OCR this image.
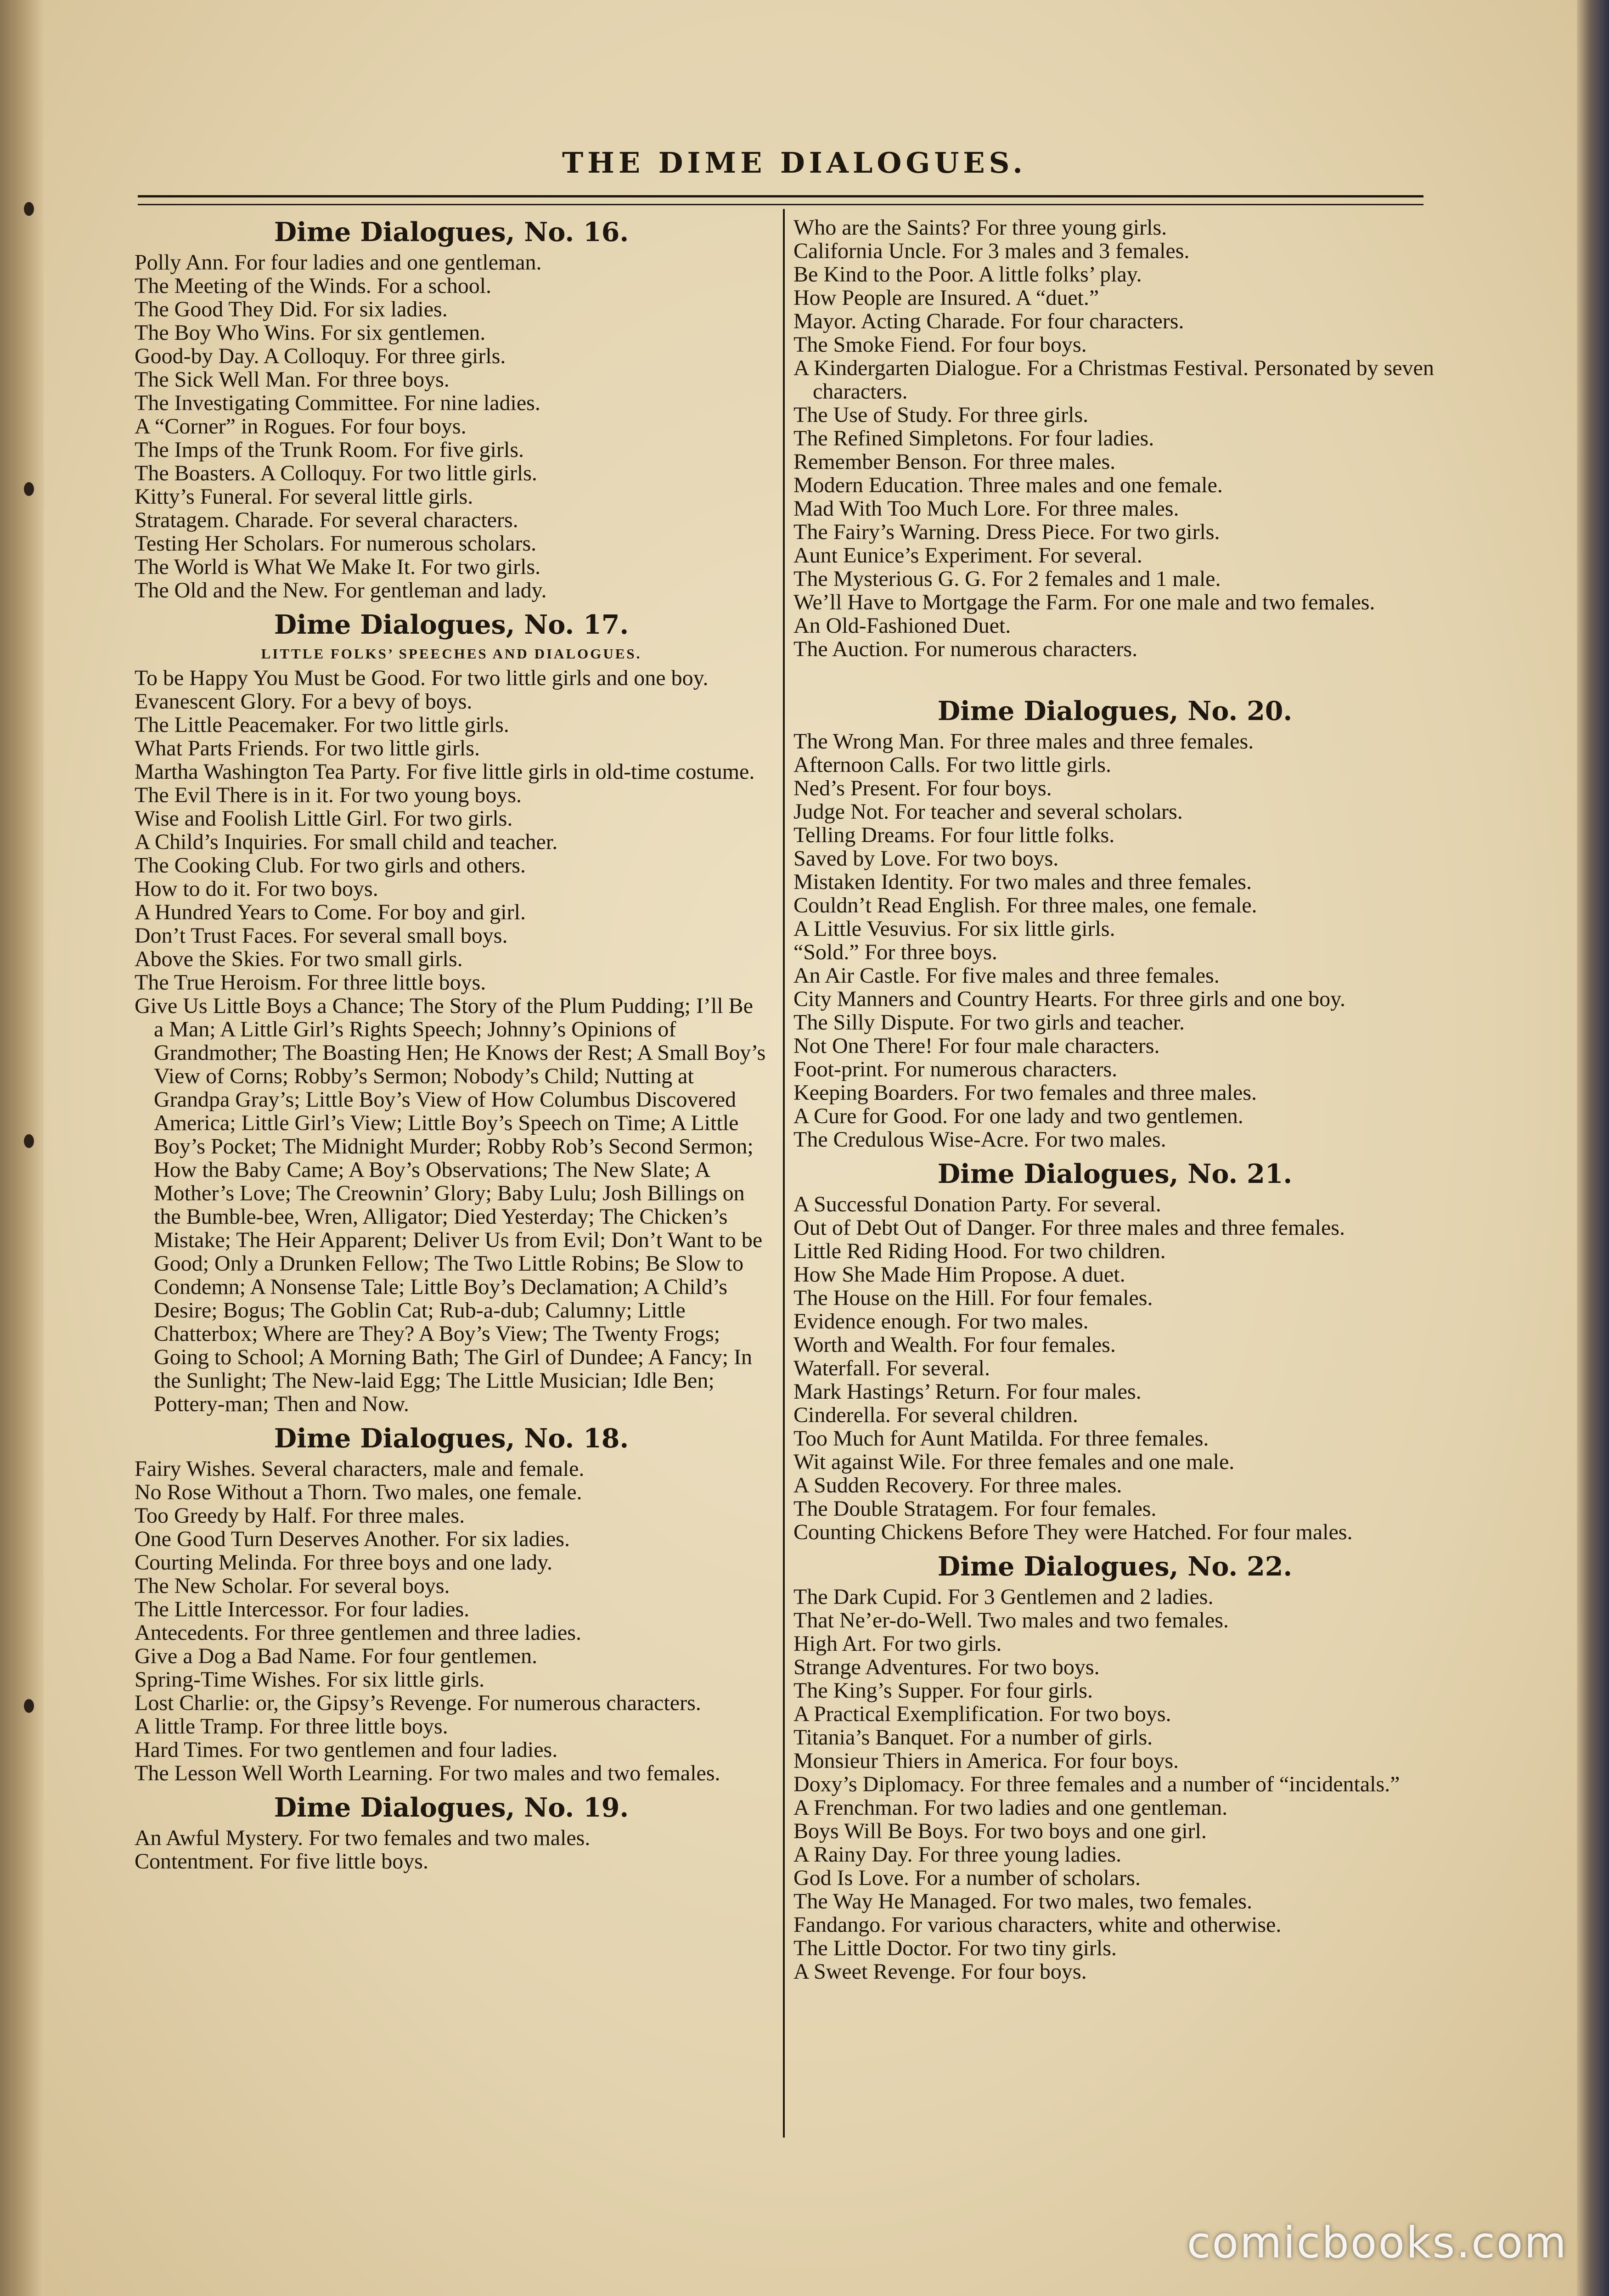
THE DIME DIALOGUES.
Dime Dialogues, No. 16.
Polly Ann. For four ladies and one gentleman.
The Meeting of the Winds. For a school.
The Good They Did. For six ladies.
The Boy Who Wins. For six gentlemen.
Good-by Day. A Colloquy. For three girls.
The Sick Well Man. For three boys.
The Investigating Committee. For nine ladies.
A “Corner” in Rogues. For four boys.
The Imps of the Trunk Room. For five girls.
The Boasters. A Colloquy. For two little girls.
Kitty’s Funeral. For several little girls.
Stratagem. Charade. For several characters.
Testing Her Scholars. For numerous scholars.
The World is What We Make It. For two girls.
The Old and the New. For gentleman and lady.
Dime Dialogues, No. 17.
LITTLE FOLKS’ SPEECHES AND DIALOGUES.
To be Happy You Must be Good. For two little girls and one boy.
Evanescent Glory. For a bevy of boys.
The Little Peacemaker. For two little girls.
What Parts Friends. For two little girls.
Martha Washington Tea Party. For five little girls in old-time costume.
The Evil There is in it. For two young boys.
Wise and Foolish Little Girl. For two girls.
A Child’s Inquiries. For small child and teacher.
The Cooking Club. For two girls and others.
How to do it. For two boys.
A Hundred Years to Come. For boy and girl.
Don’t Trust Faces. For several small boys.
Above the Skies. For two small girls.
The True Heroism. For three little boys.
Give Us Little Boys a Chance; The Story of the Plum Pudding; I’ll Be a Man; A Little Girl’s Rights Speech; Johnny’s Opinions of Grandmother; The Boasting Hen; He Knows der Rest; A Small Boy’s View of Corns; Robby’s Sermon; Nobody’s Child; Nutting at Grandpa Gray’s; Little Boy’s View of How Columbus Discovered America; Little Girl’s View; Little Boy’s Speech on Time; A Little Boy’s Pocket; The Midnight Murder; Robby Rob’s Second Sermon; How the Baby Came; A Boy’s Observations; The New Slate; A Mother’s Love; The Creownin’ Glory; Baby Lulu; Josh Billings on the Bumble-bee, Wren, Alligator; Died Yesterday; The Chicken’s Mistake; The Heir Apparent; Deliver Us from Evil; Don’t Want to be Good; Only a Drunken Fellow; The Two Little Robins; Be Slow to Condemn; A Nonsense Tale; Little Boy’s Declamation; A Child’s Desire; Bogus; The Goblin Cat; Rub-a-dub; Calumny; Little Chatterbox; Where are They? A Boy’s View; The Twenty Frogs; Going to School; A Morning Bath; The Girl of Dundee; A Fancy; In the Sunlight; The New-laid Egg; The Little Musician; Idle Ben; Pottery-man; Then and Now.
Dime Dialogues, No. 18.
Fairy Wishes. Several characters, male and female.
No Rose Without a Thorn. Two males, one female.
Too Greedy by Half. For three males.
One Good Turn Deserves Another. For six ladies.
Courting Melinda. For three boys and one lady.
The New Scholar. For several boys.
The Little Intercessor. For four ladies.
Antecedents. For three gentlemen and three ladies.
Give a Dog a Bad Name. For four gentlemen.
Spring-Time Wishes. For six little girls.
Lost Charlie: or, the Gipsy’s Revenge. For numerous characters.
A little Tramp. For three little boys.
Hard Times. For two gentlemen and four ladies.
The Lesson Well Worth Learning. For two males and two females.
Dime Dialogues, No. 19.
An Awful Mystery. For two females and two males.
Contentment. For five little boys.
Who are the Saints? For three young girls.
California Uncle. For 3 males and 3 females.
Be Kind to the Poor. A little folks’ play.
How People are Insured. A “duet.”
Mayor. Acting Charade. For four characters.
The Smoke Fiend. For four boys.
A Kindergarten Dialogue. For a Christmas Festival. Personated by seven characters.
The Use of Study. For three girls.
The Refined Simpletons. For four ladies.
Remember Benson. For three males.
Modern Education. Three males and one female.
Mad With Too Much Lore. For three males.
The Fairy’s Warning. Dress Piece. For two girls.
Aunt Eunice’s Experiment. For several.
The Mysterious G. G. For 2 females and 1 male.
We’ll Have to Mortgage the Farm. For one male and two females.
An Old-Fashioned Duet.
The Auction. For numerous characters.
Dime Dialogues, No. 20.
The Wrong Man. For three males and three females.
Afternoon Calls. For two little girls.
Ned’s Present. For four boys.
Judge Not. For teacher and several scholars.
Telling Dreams. For four little folks.
Saved by Love. For two boys.
Mistaken Identity. For two males and three females.
Couldn’t Read English. For three males, one female.
A Little Vesuvius. For six little girls.
“Sold.” For three boys.
An Air Castle. For five males and three females.
City Manners and Country Hearts. For three girls and one boy.
The Silly Dispute. For two girls and teacher.
Not One There! For four male characters.
Foot-print. For numerous characters.
Keeping Boarders. For two females and three males.
A Cure for Good. For one lady and two gentlemen.
The Credulous Wise-Acre. For two males.
Dime Dialogues, No. 21.
A Successful Donation Party. For several.
Out of Debt Out of Danger. For three males and three females.
Little Red Riding Hood. For two children.
How She Made Him Propose. A duet.
The House on the Hill. For four females.
Evidence enough. For two males.
Worth and Wealth. For four females.
Waterfall. For several.
Mark Hastings’ Return. For four males.
Cinderella. For several children.
Too Much for Aunt Matilda. For three females.
Wit against Wile. For three females and one male.
A Sudden Recovery. For three males.
The Double Stratagem. For four females.
Counting Chickens Before They were Hatched. For four males.
Dime Dialogues, No. 22.
The Dark Cupid. For 3 Gentlemen and 2 ladies.
That Ne’er-do-Well. Two males and two females.
High Art. For two girls.
Strange Adventures. For two boys.
The King’s Supper. For four girls.
A Practical Exemplification. For two boys.
Titania’s Banquet. For a number of girls.
Monsieur Thiers in America. For four boys.
Doxy’s Diplomacy. For three females and a number of “incidentals.”
A Frenchman. For two ladies and one gentleman.
Boys Will Be Boys. For two boys and one girl.
A Rainy Day. For three young ladies.
God Is Love. For a number of scholars.
The Way He Managed. For two males, two females.
Fandango. For various characters, white and otherwise.
The Little Doctor. For two tiny girls.
A Sweet Revenge. For four boys.
comicbooks.com
